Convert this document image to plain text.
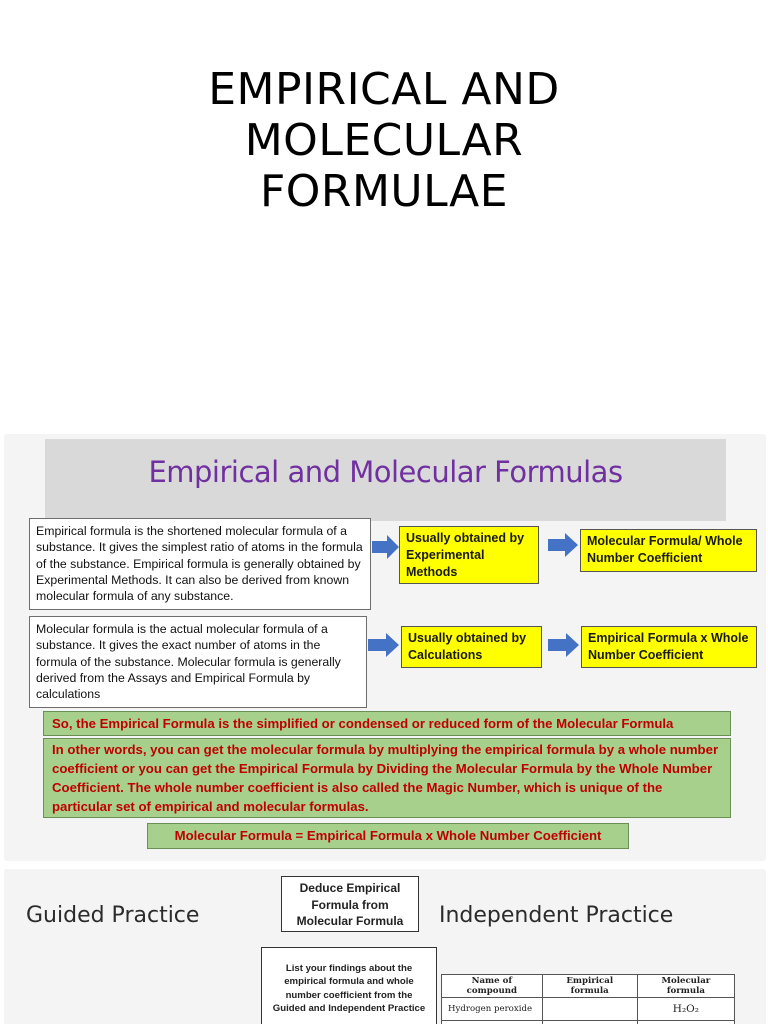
EMPIRICAL AND
MOLECULAR
FORMULAE
Empirical and Molecular Formulas
Empirical formula is the shortened molecular formula of a substance. It gives the simplest ratio of atoms in the formula of the substance. Empirical formula is generally obtained by Experimental Methods. It can also be derived from known molecular formula of any substance.
Molecular formula is the actual molecular formula of a substance. It gives the exact number of atoms in the formula of the substance. Molecular formula is generally derived from the Assays and Empirical Formula by calculations
Usually obtained by Experimental Methods
Molecular Formula/ Whole Number Coefficient
Usually obtained by Calculations
Empirical Formula x Whole Number Coefficient
So, the Empirical Formula is the simplified or condensed or reduced form of the Molecular Formula
In other words, you can get the molecular formula by multiplying the empirical formula by a whole number coefficient or you can get the Empirical Formula by Dividing the Molecular Formula by the Whole Number Coefficient. The whole number coefficient is also called the Magic Number, which is unique of the particular set of empirical and molecular formulas.
Molecular Formula = Empirical Formula x Whole Number Coefficient
Guided Practice
Deduce Empirical Formula from Molecular Formula	Independent Practice
List your findings about the empirical formula and whole number coefficient from the Guided and Independent Practice
Name of compound	Empirical formula	Molecular formula
Hydrogen peroxide		H₂O₂
